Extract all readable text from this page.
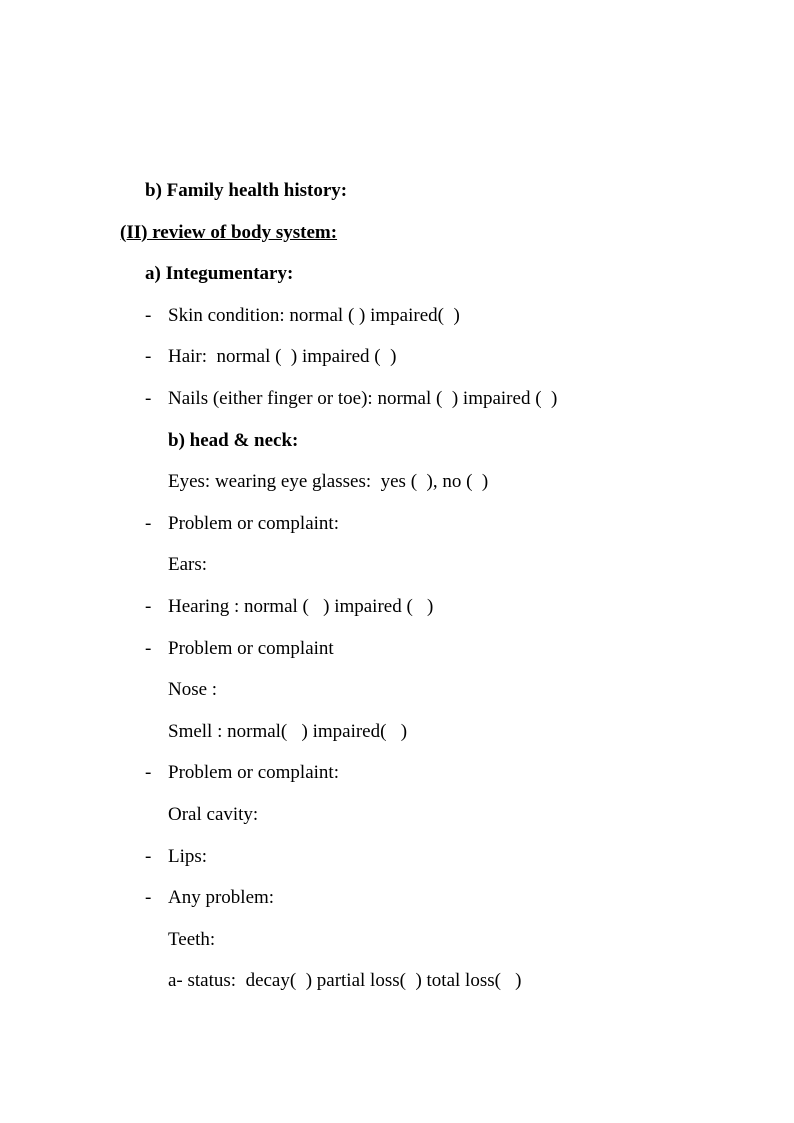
b) Family health history:
(II) review of body system:
a) Integumentary:
- Skin condition: normal ( ) impaired(  )
- Hair:  normal (  ) impaired (  )
- Nails (either finger or toe): normal (  ) impaired (  )
b) head & neck:
Eyes: wearing eye glasses:  yes (  ), no (  )
- Problem or complaint:
Ears:
- Hearing : normal (   ) impaired (   )
- Problem or complaint
Nose :
Smell : normal(   ) impaired(   )
- Problem or complaint:
Oral cavity:
- Lips:
- Any problem:
Teeth:
a- status:  decay(  ) partial loss(  ) total loss(   )
